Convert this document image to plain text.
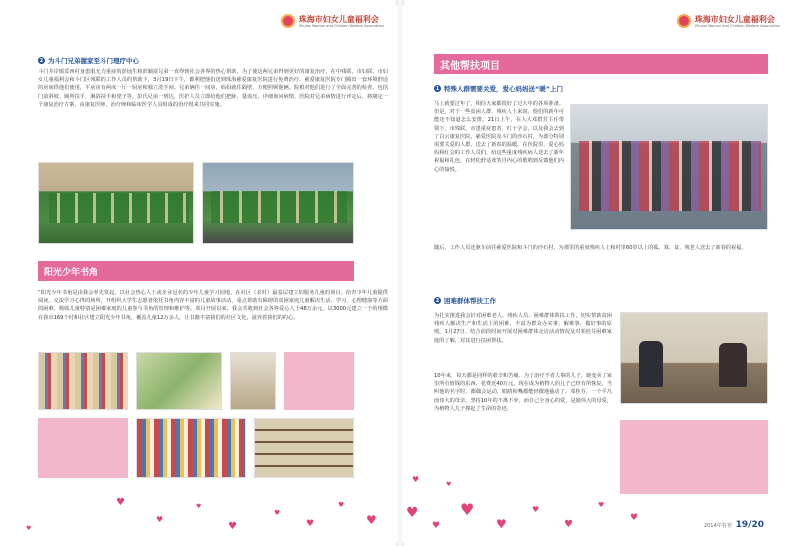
珠海市妇女儿童福利会
Zhuhai Women and Children Welfare Association
2 为斗门兄弟握家至斗门理疗中心

斗门井岸镇莫西村身患肌无力重症的彭灿生和彭颖富兄弟一直得到社会各界的热心帮助，为了使这两兄弟得到更好的康复治疗，在中残联、市妇联、市妇女儿童福利会和斗门区残联的工作人员的帮助下，3月19日下午，都利把他们送到珠海慈爱康复医院进行免费治疗。慈爱康复医院专门腾出一套环境舒适的房间供他们使用，平房房有两床一厅一厨房和独立洗手间。兄弟俩住一间房，妈妈就住隔壁，方便照顾他俩。院根对他们进行了全面完善的检查，包括门前斜坡、厕所扶手、淋浴扶手和凳子等。彭氏兄弟一到达，医护人员立即给他们把脉、量血压，详细询问病情。医院对兄弟病情进行评定后，将制定一个康复治疗方案，由康复医师、治疗师和临床医学人员组成的治疗组来共同实施。

阳光少年书角

“阳光少年书角是由我会率先发起，以社会热心人士或企业冠名的少年儿童学习园地，在社区（农村）最基层建立的服务儿童的项目。给青少年儿童提供阅读、交流学习心得的场所，开组织大学生志愿者依托书角内容丰富的儿童故事活动，重点帮助有障碍的贫困家庭儿童解决生活、学习、心理健康等方面的困难，吸收儿童特别是困难家庭的儿童参与书角的管理和维护等。项目开展以来，我会共收到社会各界爱心人士48万余元，以3000元建立一个的规模在我市169个村和社区建立阳光少年书角，覆盖儿童12万余人，让书籍丰富我们的社区文化，滋养着我们的的心。

♥
♥
♥
♥
♥
♥
♥
♥
♥
珠海市妇女儿童福利会
Zhuhai Women and Children Welfare Association
其他帮扶项目
1 特殊人群需要关爱，爱心妈妈送“暖”上门

马上就要过年了，相信大家都很好了过大年的各项准备。但是，对于一些贫困人群、残疾人士来说，他们的新年可能还不知道怎么安排。21日上午，在人大邓群芳主任带领下，市残联，市患重症患者，红十字会，以及我会去到了白云康复医院，慈爱医院及斗门的沙石村，为部分特别需要关爱的人群，送去了新春的温暖。在医院里，爱心妈妈和红会的工作人员们，给这些重度残疾病人送去了新年祝福和礼包，在轻松舒适欢笑自内心的歌唱到反馈他们内心的愉悦。

随后，工作人员还驱车前往慈爱医院和斗门的沙石村，为那里的重度残疾人士和村里60岁以上的孤、寡、贫、残老人送去了新春的祝福。

2 困难群体帮扶工作

为扎实推进我会针对困难老人、残疾人员、困难群体帮扶工作，切实帮助贫困残疾人解决生产和生活上的困难，丰富为群众办实事、解难事、做好事的原则。1月27日，结合前段时间开展对困难群体走访活动情况及对邓桂芬困难家庭的了解，对其进行扶困帮扶。

10年来，每天都是同样的艰辛和苦痛。为了治疗不省人事的儿子，她变卖了家里所有值钱的东西，花费近40万元。现在成为植物人的儿子已经有所恢复，当叫他的名字时，都偶会运动，眼睛和嘴都能轻微地抽动了。邓桂芬，一个平凡而伟大的母亲，坚持10年的不离不弃，而自己全身心的爱，是她伟大的母爱，为植物人儿子撑起了生命的奇迹。

2014年春刊 19/20
♥
♥
♥
♥
♥
♥
♥
♥
♥
♥
